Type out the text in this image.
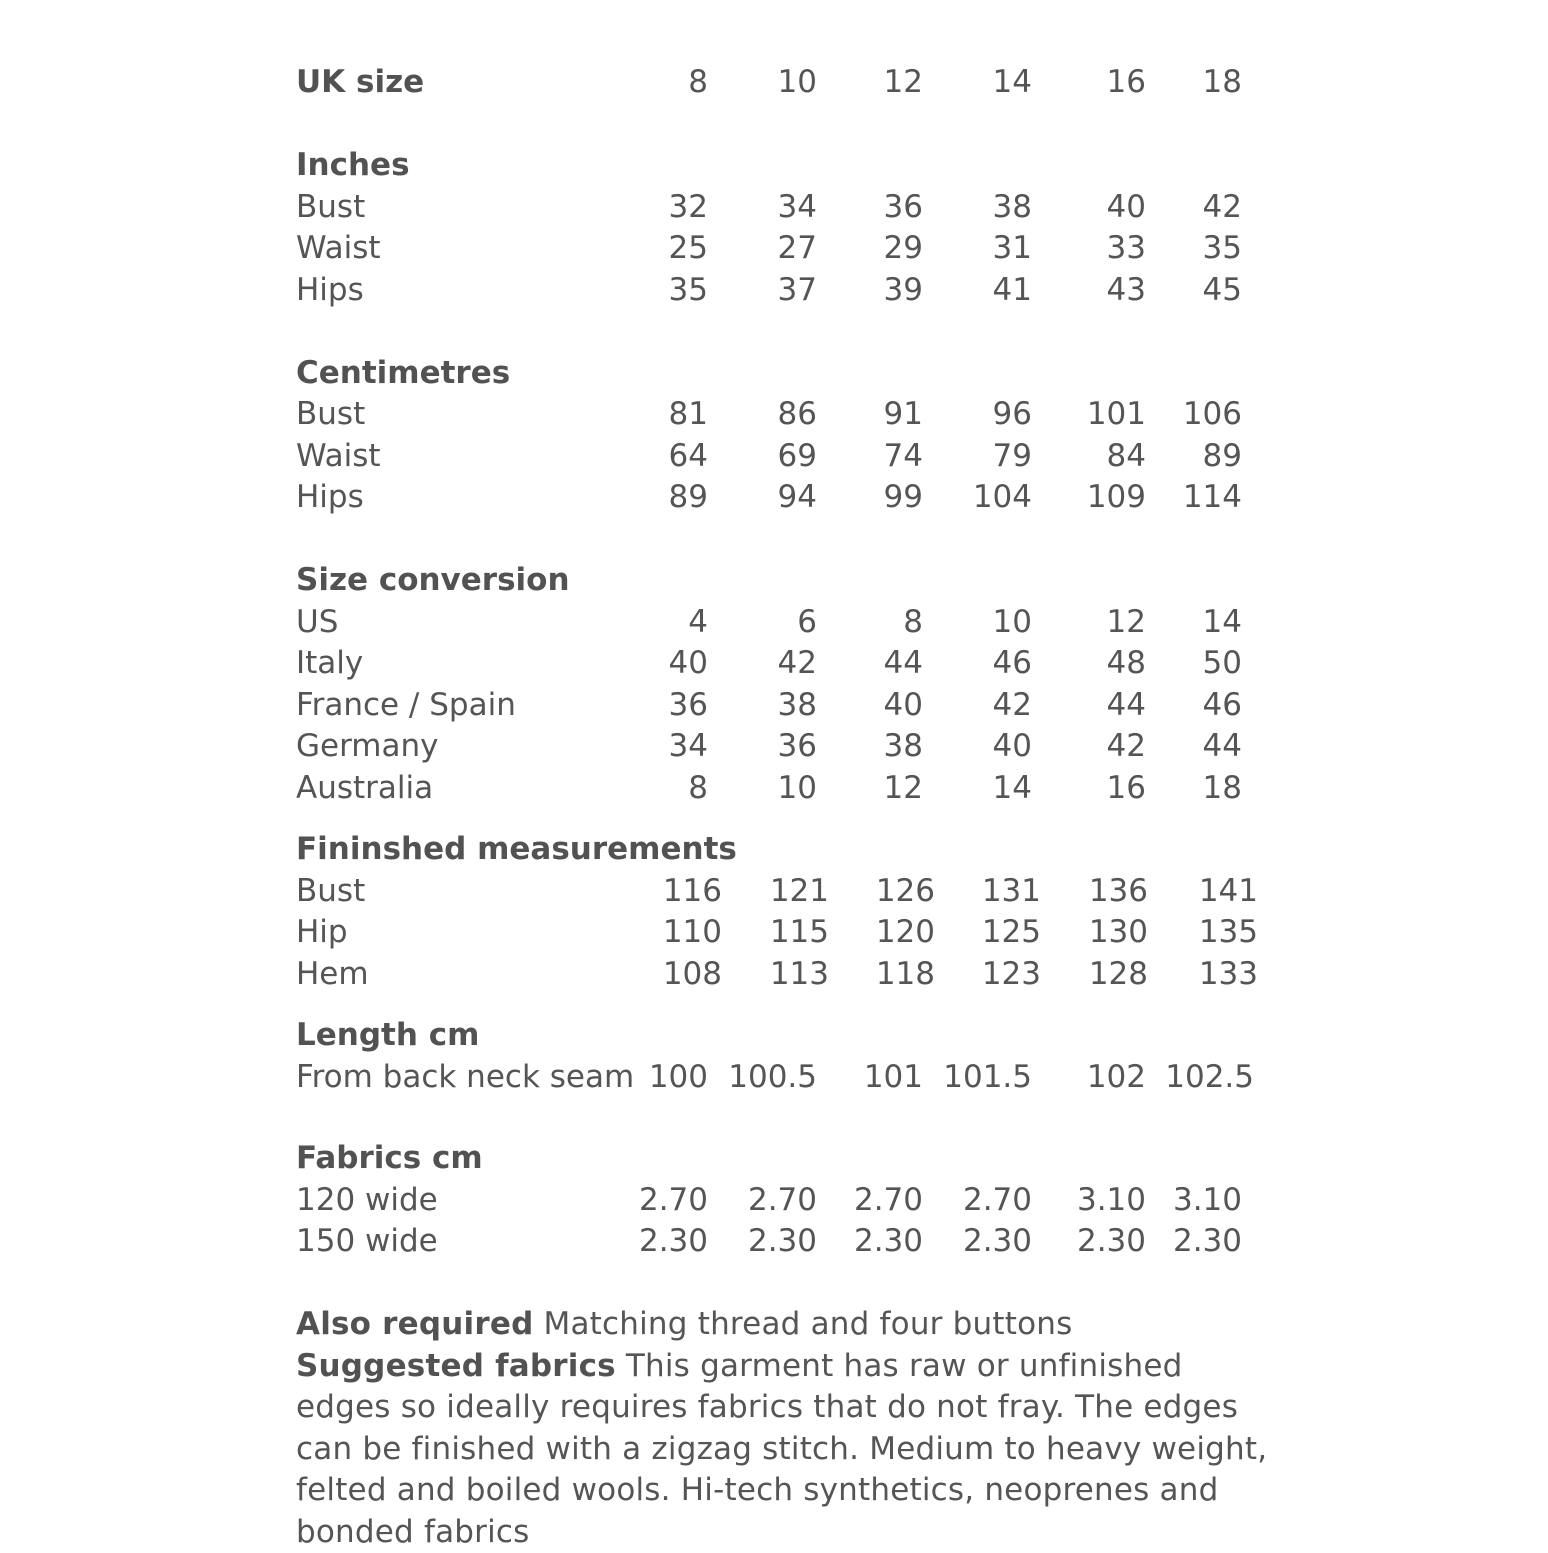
UK size	8	10	12	14	16	18
Inches
Bust	32	34	36	38	40	42
Waist	25	27	29	31	33	35
Hips	35	37	39	41	43	45
Centimetres
Bust	81	86	91	96	101	106
Waist	64	69	74	79	84	89
Hips	89	94	99	104	109	114
Size conversion
US	4	6	8	10	12	14
Italy	40	42	44	46	48	50
France / Spain	36	38	40	42	44	46
Germany	34	36	38	40	42	44
Australia	8	10	12	14	16	18
Fininshed measurements
Bust	116	121	126	131	136	141
Hip	110	115	120	125	130	135
Hem	108	113	118	123	128	133
Length cm
From back neck seam 100 100.5	101 101.5	102 102.5
Fabrics cm
120 wide	2.70	2.70	2.70	2.70	3.10 3.10
150 wide	2.30	2.30	2.30	2.30	2.30 2.30

Also required Matching thread and four buttons

Suggested fabrics This garment has raw or unfinished edges so ideally requires fabrics that do not fray. The edges can be finished with a zigzag stitch. Medium to heavy weight, felted and boiled wools. Hi-tech synthetics, neoprenes and bonded fabrics
